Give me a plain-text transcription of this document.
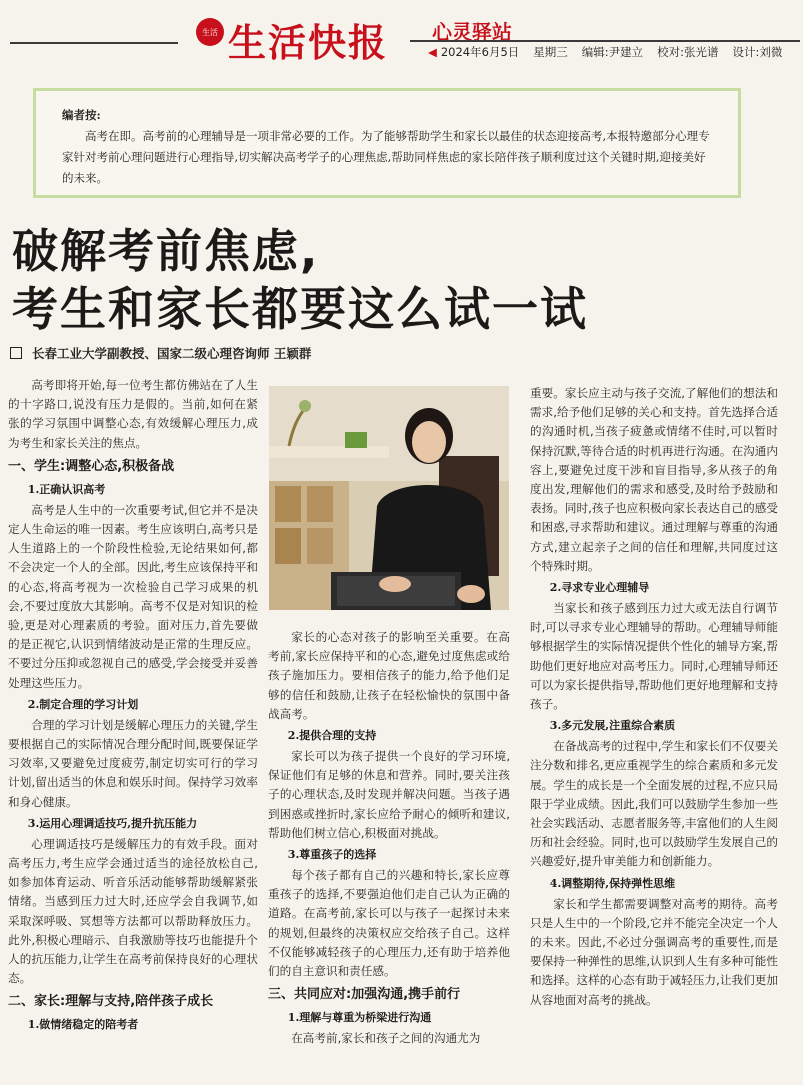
生活 生活快报 心灵驿站
◀ 2024年6月5日 星期三 编辑:尹建立 校对:张光谱 设计:刘微
编者按:
高考在即。高考前的心理辅导是一项非常必要的工作。为了能够帮助学生和家长以最佳的状态迎接高考,本报特邀部分心理专家针对考前心理问题进行心理指导,切实解决高考学子的心理焦虑,帮助同样焦虑的家长陪伴孩子顺利度过这个关键时期,迎接美好的未来。
破解考前焦虑,
考生和家长都要这么试一试
长春工业大学副教授、国家二级心理咨询师 王颖群

高考即将开始,每一位考生都仿佛站在了人生的十字路口,说没有压力是假的。当前,如何在紧张的学习氛围中调整心态,有效缓解心理压力,成为考生和家长关注的焦点。

一、学生:调整心态,积极备战
1.正确认识高考

高考是人生中的一次重要考试,但它并不是决定人生命运的唯一因素。考生应该明白,高考只是人生道路上的一个阶段性检验,无论结果如何,都不会决定一个人的全部。因此,考生应该保持平和的心态,将高考视为一次检验自己学习成果的机会,不要过度放大其影响。高考不仅是对知识的检验,更是对心理素质的考验。面对压力,首先要做的是正视它,认识到情绪波动是正常的生理反应。不要过分压抑或忽视自己的感受,学会接受并妥善处理这些压力。

2.制定合理的学习计划

合理的学习计划是缓解心理压力的关键,学生要根据自己的实际情况合理分配时间,既要保证学习效率,又要避免过度疲劳,制定切实可行的学习计划,留出适当的休息和娱乐时间。保持学习效率和身心健康。

3.运用心理调适技巧,提升抗压能力

心理调适技巧是缓解压力的有效手段。面对高考压力,考生应学会通过适当的途径放松自己,如参加体育运动、听音乐活动能够帮助缓解紧张情绪。当感到压力过大时,还应学会自我调节,如采取深呼吸、冥想等方法都可以帮助释放压力。此外,积极心理暗示、自我激励等技巧也能提升个人的抗压能力,让学生在高考前保持良好的心理状态。

二、家长:理解与支持,陪伴孩子成长
1.做情绪稳定的陪考者

家长的心态对孩子的影响至关重要。在高考前,家长应保持平和的心态,避免过度焦虑或给孩子施加压力。要相信孩子的能力,给予他们足够的信任和鼓励,让孩子在轻松愉快的氛围中备战高考。

2.提供合理的支持

家长可以为孩子提供一个良好的学习环境,保证他们有足够的休息和营养。同时,要关注孩子的心理状态,及时发现并解决问题。当孩子遇到困惑或挫折时,家长应给予耐心的倾听和建议,帮助他们树立信心,积极面对挑战。

3.尊重孩子的选择

每个孩子都有自己的兴趣和特长,家长应尊重孩子的选择,不要强迫他们走自己认为正确的道路。在高考前,家长可以与孩子一起探讨未来的规划,但最终的决策权应交给孩子自己。这样不仅能够减轻孩子的心理压力,还有助于培养他们的自主意识和责任感。

三、共同应对:加强沟通,携手前行
1.理解与尊重为桥梁进行沟通

在高考前,家长和孩子之间的沟通尤为

重要。家长应主动与孩子交流,了解他们的想法和需求,给予他们足够的关心和支持。首先选择合适的沟通时机,当孩子疲惫或情绪不佳时,可以暂时保持沉默,等待合适的时机再进行沟通。在沟通内容上,要避免过度干涉和盲目指导,多从孩子的角度出发,理解他们的需求和感受,及时给予鼓励和表扬。同时,孩子也应积极向家长表达自己的感受和困惑,寻求帮助和建议。通过理解与尊重的沟通方式,建立起亲子之间的信任和理解,共同度过这个特殊时期。

2.寻求专业心理辅导

当家长和孩子感到压力过大或无法自行调节时,可以寻求专业心理辅导的帮助。心理辅导师能够根据学生的实际情况提供个性化的辅导方案,帮助他们更好地应对高考压力。同时,心理辅导师还可以为家长提供指导,帮助他们更好地理解和支持孩子。

3.多元发展,注重综合素质

在备战高考的过程中,学生和家长们不仅要关注分数和排名,更应重视学生的综合素质和多元发展。学生的成长是一个全面发展的过程,不应只局限于学业成绩。因此,我们可以鼓励学生参加一些社会实践活动、志愿者服务等,丰富他们的人生阅历和社会经验。同时,也可以鼓励学生发展自己的兴趣爱好,提升审美能力和创新能力。

4.调整期待,保持弹性思维

家长和学生都需要调整对高考的期待。高考只是人生中的一个阶段,它并不能完全决定一个人的未来。因此,不必过分强调高考的重要性,而是要保持一种弹性的思维,认识到人生有多种可能性和选择。这样的心态有助于减轻压力,让我们更加从容地面对高考的挑战。
